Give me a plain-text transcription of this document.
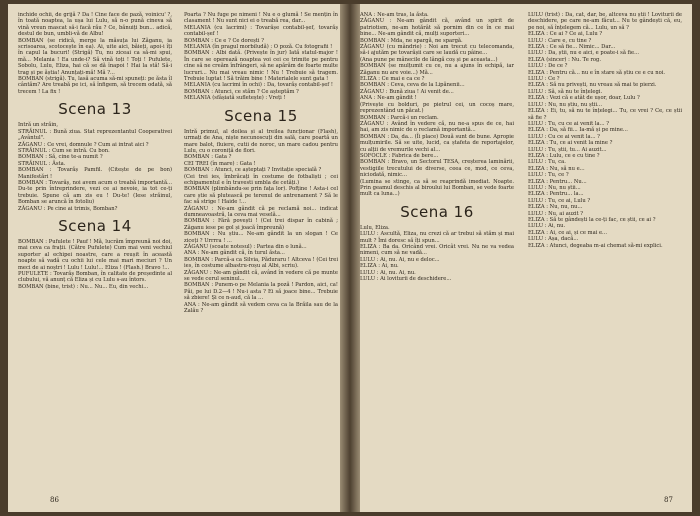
inchide ochii, de grijă ? Da ! Cine face de pază, voinicu' ?, în toată noaptea, la ușa lui Lulu, să n-o pună cineva să vină vreun mascat să-i facă rău ? Ce, bănuiți bun... adică, destul de bun, umbli-vă de Albu!

BOMBAN (se ridică, merge la măsuța lui Zăganu, ia scrisoarea, scotocește în ea). Ai, uite aici, băieți, apoi-i îți în capul la bucuri! (Strigă) Tu, nu ziceai ca să-mi spui, mă... Melania ! Ea unde-i? Să vină toți ! Toți ! Pufulete, Sobolu, Lulu, Eliza, hai că se dă înapoi ! Hai la stă! Să-i trag și pe ăștia! Anunțați-mă! Mă ?...

BOMBAN (strigă). Tu, lasă acuma să-mi spuneți: pe ăsta îl cântăm? Are treabă pe ici, să înfigem, să trecem odată, să trecem ! La fix !

Scena 13

Intră un străin,

STRĂINUL : Bună ziua. Stat reprezentantul Cooperativei „Avântul".

ZĂGANU : Ce vrei, domnule ? Cum ai intrat aici ?

STRĂINUL : Cum se intră. Cu bon.

BOMBAN : Să, cine te-a numit ?

STRĂINUL : Ăsta.

BOMBAN : Tovarăș Pamfil. (Citește de pe bon) Manifestări !

BOMBAN : Tovarăș, noi avem acum o treabă importantă... Du-te prin întreprindere, vezi ce ai nevoie, ia tot ce-ți trebuie. Spune că am zis eu ! Du-te! (Iese străinul, Bomban se aruncă în fotoliu)

ZĂGANU : Pe cine ai trimis, Bomban?

Scena 14

BOMBAN : Pufulete ! Pauf ! Mă, lucrăm împreună noi doi, mai ceva ca frații. (Către Pufulete) Cum mai veni vechiul suporter al echipei noastre, care a reușit în această noapte să vadă cu ochii lui cele mai mari meciuri ? Un meci de ai noștri ! Lulu ! Lulu!... Eliza ! (Flash.) Bravo !...

PUFULETE : Tovarăș Bomban, în calitate de președinte al clubului, vă anunț că Eliza și cu Lulu s-au întors.

BOMBAN (bine, trist) : Nu... Nu... Eu, din vechi...

Poarta ? Nu fuge pe nimeni ! Nu e o glumă ! Se mențin în clasament ! Nu sunt nici ei o treabă rea, dar...

MELANIA (cu lacrimi) : Tovarășe contabil-șef, tovarăș contabil-șef !

BOMBAN : Ce e ? Ce dorești ?

MELANIA (în pragul morbiludă) : O poză. Cu fotografii !

BOMBAN : Albi dată. (Privește în jur) Iată statul-major ! În care se operează noaptea voi cei ce trimite pe pentru cine să ne creăm înfrângeri, să ne apărăm de foarte multe lucruri... Nu mai vreau nimic ! Nu ! Trebuie să tragem. Trebuie luptat ! Să trăim bine ! Materialele sunt gata !

MELANIA (cu lacrimi în ochi) : Da, tovarăș contabil-șef !

BOMBAN : Atunci, ce stăm ? Ce așteptăm ?

MELANIA (sfâșiată sufletește) : Vreți !

Scena 15

Intră primul, al doilea și al treilea funcționar (Flash), urmați de Ana, niște necunoscuți din sală, care poartă un mare balot, fluiere, cutii de noroc, un mare cadou pentru Lulu, cu o coroniță de flori.

BOMBAN : Gata ?

CEI TREI (în mare) : Gata !

BOMBAN : Atunci, ce așteptați ? Invitație specială ?

(Cei trei ies, îmbrăcați în costume de fotbaliști ; cei echipamentul e în travesti umbla de cetăți.)

BOMBAN (plimbându-se prin fața lor). Pofține ! Asta-i cel care știe să plutească pe terenul de antrenament ? Să le fac să strige ! Haide !...

ZĂGANU : Ne-am gândit că pe reclamă noi... indicat dumneavoastră, la ceva mai veselă...

BOMBAN : Fără povești ! (Cei trei dispar în cabină ; Zăganu iese pe gol și joacă împreună)

BOMBAN : Nu știu... Ne-am gândit la un slogan ! Ce ziceți ? Urrrra ! ...

ZĂGANU (scoate notesul) : Partea din o lună...

ANA : Ne-am gândit că, în turul ăsta...

BOMBAN : Parcă-a ca Silvia, Păduraru ! Altceva ! (Cei trei ies, în costume albastru-roșu al Albi, scriu).

ZĂGANU : Ne-am gândit că, având în vedere că pe munte se vede cerul seninul...

BOMBAN : Punem-o pe Melania la poză ! Pardon, aici, ca! Păi, pe lui D.2—4 ! Nu-i asta ? Ei să joace bine... Trebuie să zbiere! Și ce n-aud, că la ...

ANA : Ne-am gândit să vedem ceva ca la Brăila sau de la Zalău ?

86

ANA : Ne-am tras, la ăsta.

ZĂGANU : Ne-am gândit că, având un spirit de patriotism, ne-am hotărât să pornim din ce în ce mai bine... Ne-am gândit că, mulți suporteri...

BOMBAN : Mda, ne spargă, ne spargă.

ZĂGANU (cu mândrie) : Noi am trecut cu telecomanda, să-i ajutăm pe tovarășii care se laudă cu pâine...

(Ana pune pe mânecile de lângă coș și pe aceasta...)

BOMBAN (se mulțumit cu ce, nu a ajuns în echipă, iar Zăganu nu are voie...) Mă...

ELIZA : Ce mai e ca ce ?

BOMBAN : Ceva, ceva de la Lipănenii...

ZĂGANU : Bună ziua ! Ai venit de...

ANA : Ne-am gândit !

(Privește cu bolduri, pe pietrul cei, un cocoș mare, reprezentând un păcat.)

BOMBAN : Parcă-i un reclam.

ZĂGANU : Având în vedere că, nu ne-a spus de ce, hai hai, am zis nimic de o reclamă importantă...

BOMBAN : Da, da... (Îi place) Două sunt de bune. Apropie mulțumirile. Să se uite, lucid, ca ștafeta de reportajelor, cu alții de vremurile vechi al...

SOFOCLE : Fabrica de bere...

BOMBAN : Bravo, un Sectorul TESA, creșterea laminării, vestigiile trecutului de diverse, ceea ce, mod, ce ceva, niciodată, nimic...

(Lumina se stinge, ca să se reaprindă imediat. Noapte. Prin geamul deschis al biroului lui Bomban, se vede foarte mult ca luna...)

Scena 16

Lulu, Eliza.

LULU : Ascultă, Eliza, nu crezi că ar trebui să stăm și mai mult ? Îmi doresc să îți spun...

ELIZA : Ba da. Oricând vrei. Oricât vrei. Nu ne va vedea nimeni, cum să ne vadă...

LULU : Ai, nu. Ai, nu e deloc...

ELIZA : Ai, nu.

LULU : Ai, nu. Ai, nu.

LULU : Ai loviturii de deschidere...

LULU (trist) : Da, cat, dar, be, altceva nu știi ! Loviturii de deschidere, pe care ne-am făcut... Nu te gândești că, eu, pe noi, să înțelegem că... Lulu, un să ?

ELIZA : Ce ai ? Ce ai, Lulu ?

LULU : Care e, cu tine ?

ELIZA : Ce să fie... Nimic... Dar...

LULU : Da, știi, nu e aici, e poate-i să fie...

ELIZA (sincer) : Nu. Te rog.

LULU : De ce ?

ELIZA : Pentru că... nu e în stare să știu ce e cu noi.

LULU : Ce ?

ELIZA : Să nu privești, nu vreau să mai te pierzi.

LULU : Să, să nu te înțelegi.

ELIZA : Vezi că e atât de ușor, doar, Lulu ?

LULU : Nu, nu știu, nu știi...

ELIZA : Ei, tu, să nu te înțelegi... Tu, ce vrei ? Ce, ce știi să fie ?

LULU : Tu, cu ce ai venit la... ?

ELIZA : Da, să fii... Ia-mă și pe mine...

LULU : Cu ce ai venit la... ?

ELIZA : Tu, ce ai venit la mine ?

LULU : Tu, știi, tu... Ai auzit...

ELIZA : Lulu, ce e cu tine ?

LULU : Tu, ca.

ELIZA : Nu, să nu e...

LULU : Tu, ce ?

ELIZA : Pentru... Nu...

LULU : Nu, nu știi...

ELIZA : Pentru... la...

LULU : Tu, ce ai, Lulu ?

ELIZA : Nu, nu, nu...

LULU : Nu, ai auzit ?

ELIZA : Să te gândești la ce-ți fac, ce știi, ce ai ?

LULU : Ai, nu.

ELIZA : Ai, ce ai, și ce mai e...

LULU : Așa, dacă...

ELIZA : Atunci, degeaba m-ai chemat să-mi explici.

87
